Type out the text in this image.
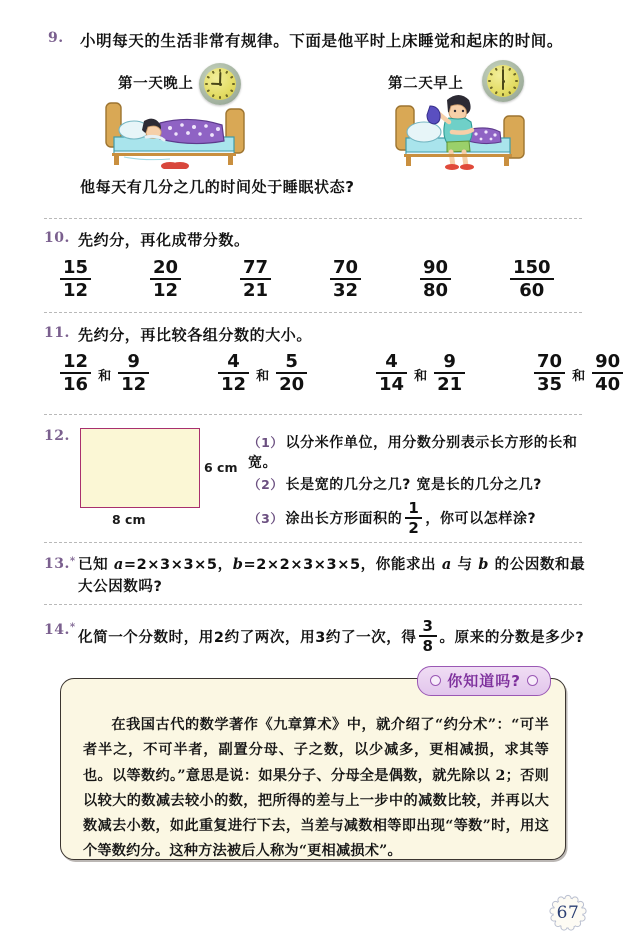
9. 小明每天的生活非常有规律。下面是他平时上床睡觉和起床的时间。
第一天晚上	第二天早上
他每天有几分之几的时间处于睡眠状态?
10. 先约分，再化成带分数。
$\frac{15}{12}$	$\frac{20}{12}$	$\frac{77}{21}$	$\frac{70}{32}$	$\frac{90}{80}$	$\frac{150}{60}$
11. 先约分，再比较各组分数的大小。
$\frac{12}{16}$ 和 $\frac{9}{12}$	$\frac{4}{12}$ 和 $\frac{5}{20}$	$\frac{4}{14}$ 和 $\frac{9}{21}$	$\frac{70}{35}$ 和 $\frac{90}{40}$
12.
6 cm
8 cm
（1） 以分米作单位，用分数分别表示长方形的长和宽。
（2） 长是宽的几分之几? 宽是长的几分之几?
（3） 涂出长方形面积的 $\frac{1}{2}$ ，你可以怎样涂?
13. * 已知 a=2×3×3×5，b=2×2×3×3×5，你能求出 a 与 b 的公因数和最大公因数吗?
14. *
化简一个分数时，用2约了两次，用3约了一次，得 $\frac{3}{8}$ 。原来的分数是多少?
你知道吗?
在我国古代的数学著作《九章算术》中，就介绍了“约分术”：“可半者半之，不可半者，副置分母、子之数，以少减多，更相减损，求其等也。以等数约。”意思是说：如果分子、分母全是偶数，就先除以 2；否则以较大的数减去较小的数，把所得的差与上一步中的减数比较，并再以大数减去小数，如此重复进行下去，当差与减数相等即出现“等数”时，用这个等数约分。这种方法被后人称为“更相减损术”。
67
